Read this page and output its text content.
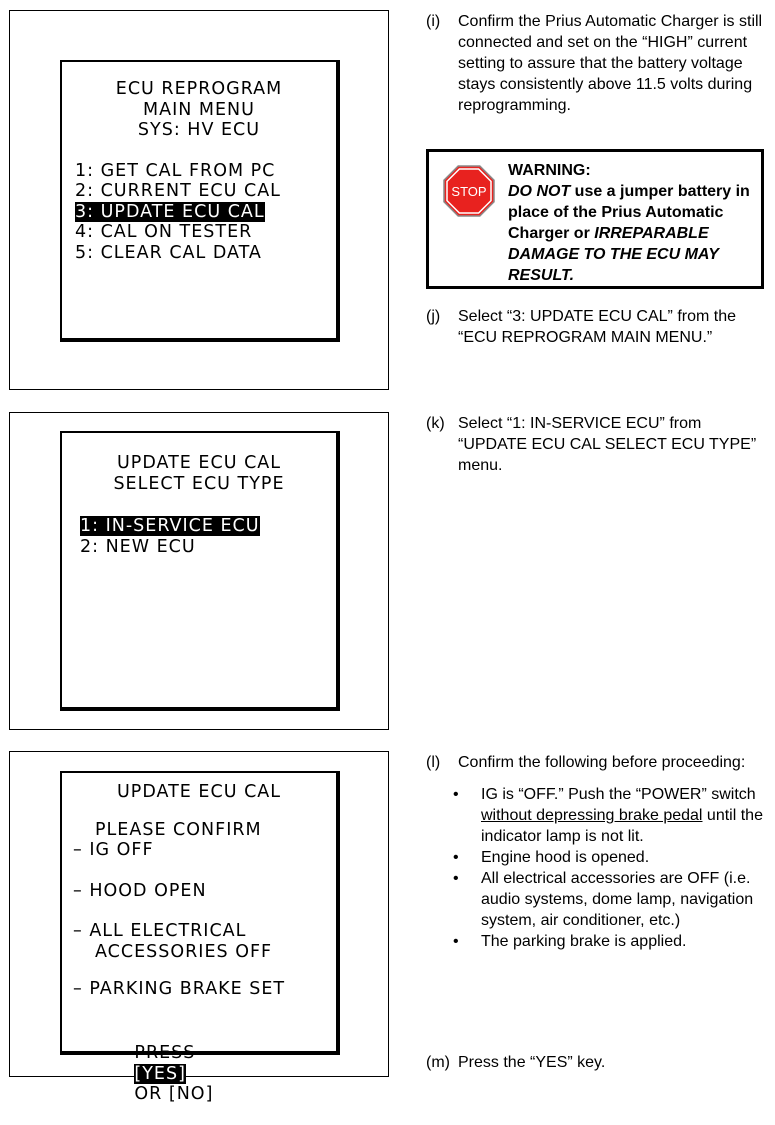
ECU REPROGRAM
MAIN MENU
SYS: HV ECU
1: GET CAL FROM PC
2: CURRENT ECU CAL
3: UPDATE ECU CAL
4: CAL ON TESTER
5: CLEAR CAL DATA
UPDATE ECU CAL
SELECT ECU TYPE
1: IN-SERVICE ECU
2: NEW ECU
UPDATE ECU CAL
PLEASE CONFIRM
– IG OFF
– HOOD OPEN
– ALL ELECTRICAL
ACCESSORIES OFF
– PARKING BRAKE SET

PRESS
[YES]
OR [NO]

(i) Confirm the Prius Automatic Charger is still connected and set on the “HIGH” current setting to assure that the battery voltage stays consistently above 11.5 volts during reprogramming.
STOP
WARNING:
DO NOT use a jumper battery in place of the Prius Automatic Charger or IRREPARABLE DAMAGE TO THE ECU MAY RESULT.
(j) Select “3: UPDATE ECU CAL” from the “ECU REPROGRAM MAIN MENU.”
(k) Select “1: IN-SERVICE ECU” from “UPDATE ECU CAL SELECT ECU TYPE” menu.
(l) Confirm the following before proceeding:
• IG is “OFF.” Push the “POWER” switch without depressing brake pedal until the indicator lamp is not lit.
• Engine hood is opened.
• All electrical accessories are OFF (i.e. audio systems, dome lamp, navigation system, air conditioner, etc.)
• The parking brake is applied.
(m) Press the “YES” key.
